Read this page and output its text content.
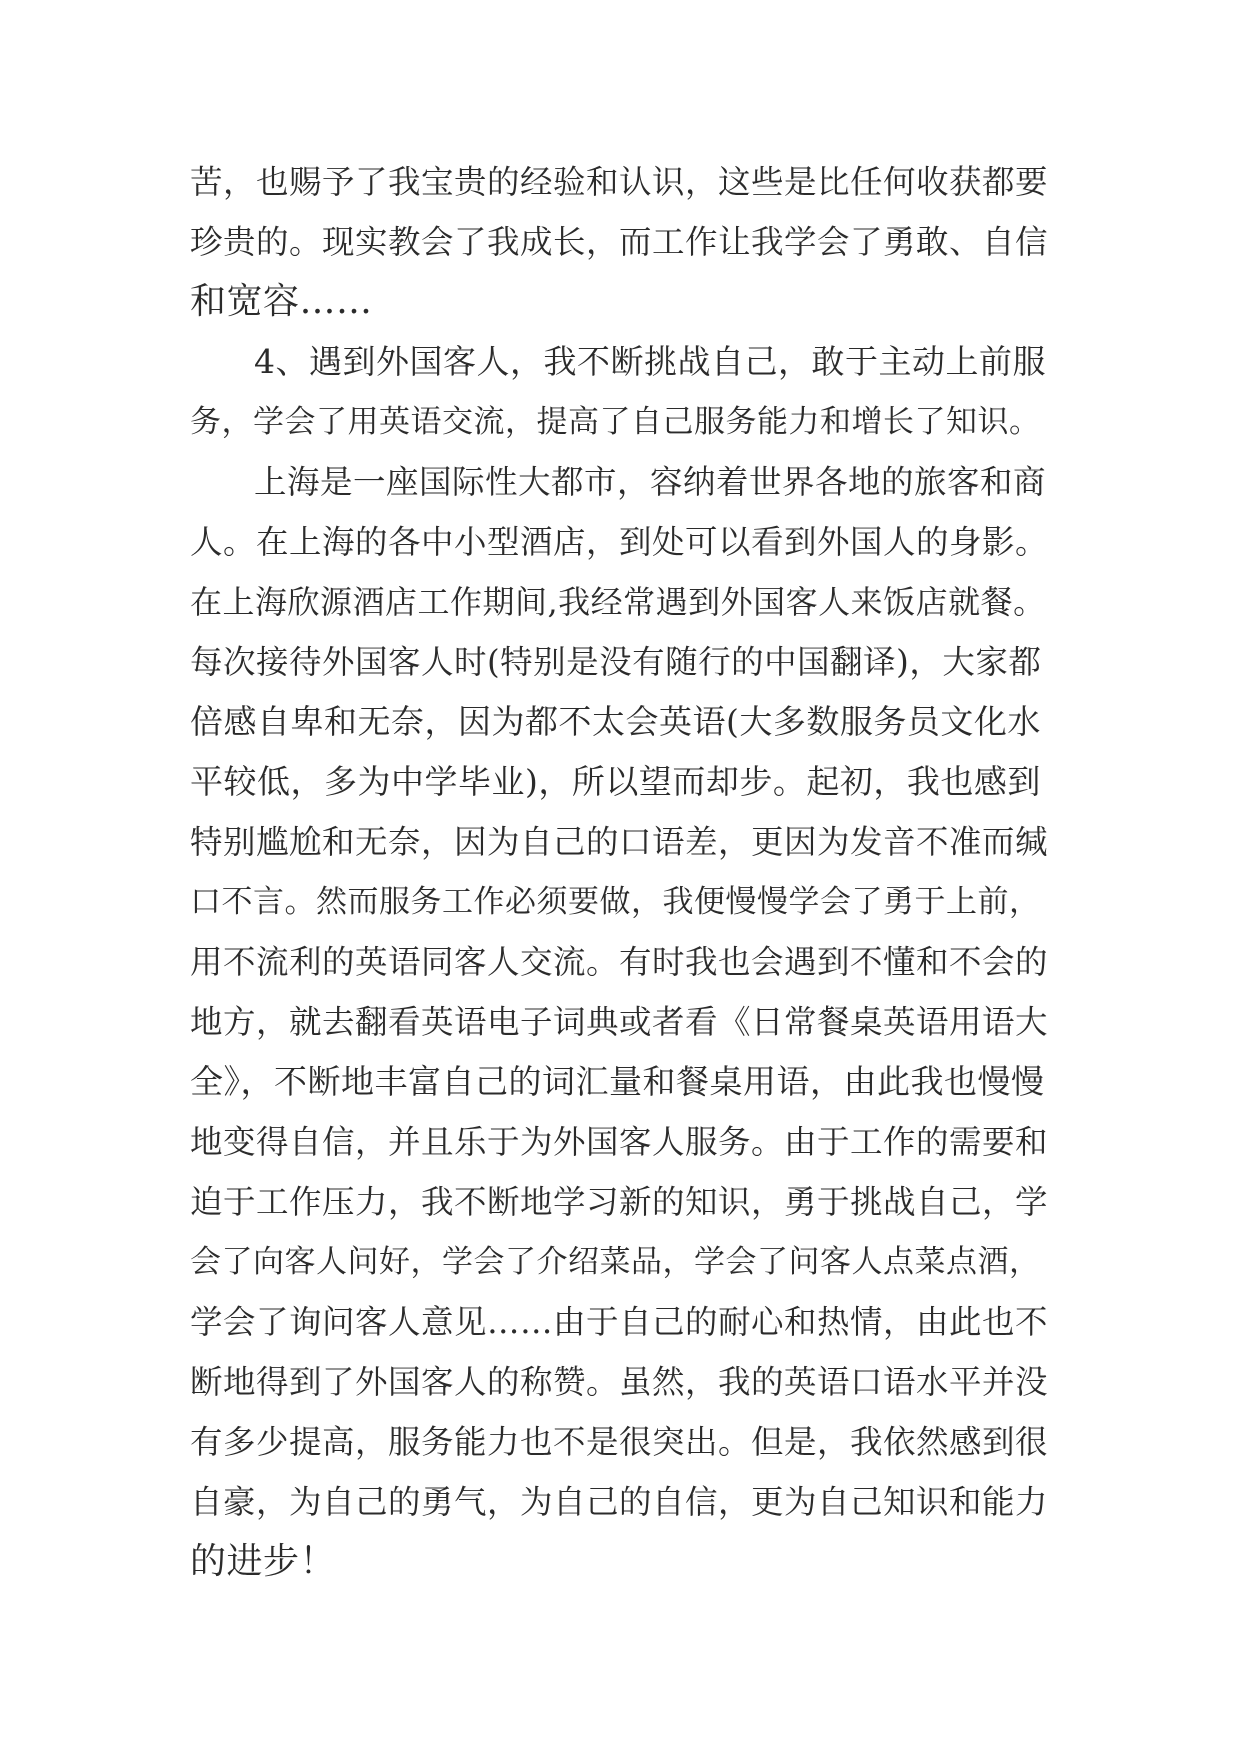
苦，也赐予了我宝贵的经验和认识，这些是比任何收获都要
珍贵的。现实教会了我成长，而工作让我学会了勇敢、自信
和宽容……
4、遇到外国客人，我不断挑战自己，敢于主动上前服
务，学会了用英语交流，提高了自己服务能力和增长了知识。
上海是一座国际性大都市，容纳着世界各地的旅客和商
人。在上海的各中小型酒店，到处可以看到外国人的身影。
在上海欣源酒店工作期间,我经常遇到外国客人来饭店就餐。
每次接待外国客人时(特别是没有随行的中国翻译)，大家都
倍感自卑和无奈，因为都不太会英语(大多数服务员文化水
平较低，多为中学毕业)，所以望而却步。起初，我也感到
特别尴尬和无奈，因为自己的口语差，更因为发音不准而缄
口不言。然而服务工作必须要做，我便慢慢学会了勇于上前，
用不流利的英语同客人交流。有时我也会遇到不懂和不会的
地方，就去翻看英语电子词典或者看《日常餐桌英语用语大
全》，不断地丰富自己的词汇量和餐桌用语，由此我也慢慢
地变得自信，并且乐于为外国客人服务。由于工作的需要和
迫于工作压力，我不断地学习新的知识，勇于挑战自己，学
会了向客人问好，学会了介绍菜品，学会了问客人点菜点酒，
学会了询问客人意见……由于自己的耐心和热情，由此也不
断地得到了外国客人的称赞。虽然，我的英语口语水平并没
有多少提高，服务能力也不是很突出。但是，我依然感到很
自豪，为自己的勇气，为自己的自信，更为自己知识和能力
的进步！
